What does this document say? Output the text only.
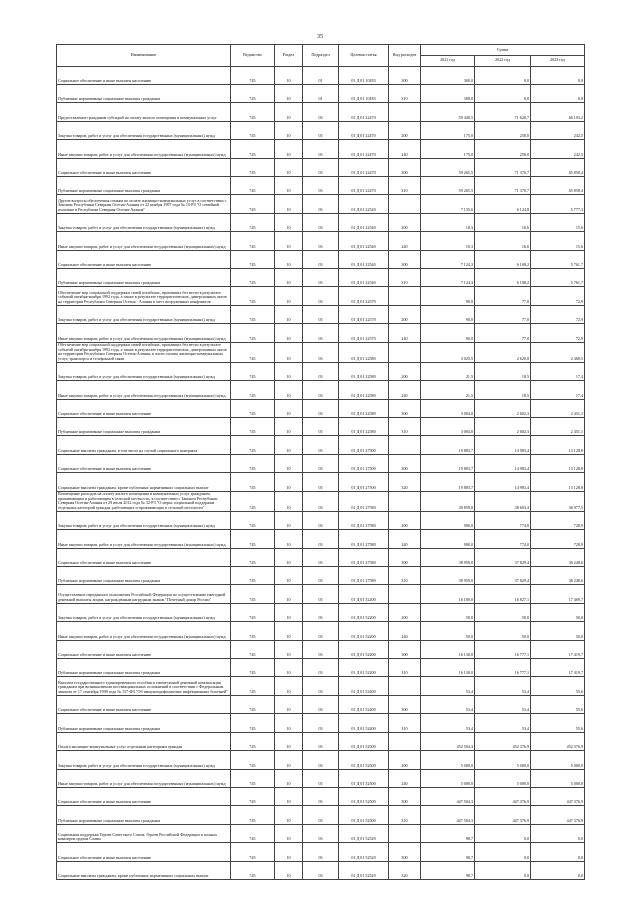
35
Наименование	Ведомство	Раздел	Подраздел	Целевая статья	Вид расходов	Сумма		
						2021 год	2022 год	2023 год
Социальное обеспечение и иные выплаты населению	745	10	01	01 Д 01 10183	300	300,0	0,0	0,0
Публичные нормативные социальные выплаты гражданам	745	10	01	01 Д 01 10183	310	300,0	0,0	0,0
Предоставление гражданам субсидий на оплату жилого помещения и коммунальных услуг	745	10	03	01 Д 01 22470		59 440,5	71 628,7	66 103,2
Закупка товаров, работ и услуг для обеспечения государственных (муниципальных) нужд	745	10	03	01 Д 01 22470	200	175,0	258,0	242,5
Иные закупки товаров, работ и услуг для обеспечения государственных (муниципальных) нужд	745	10	03	01 Д 01 22470	240	175,0	258,0	242,5
Социальное обеспечение и иные выплаты населению	745	10	03	01 Д 01 22470	300	59 265,5	71 370,7	65 858,4
Публичные нормативные социальные выплаты гражданам	745	10	03	01 Д 01 22470	310	59 265,5	71 370,7	65 858,4
Другие вопросы обеспечения семьям по оплате жилищно-коммунальных услуг в соответствии с Законом Республики Северная Осетия-Алания от 22 ноября 1997 года № 15-РЗ "О семейной политике в Республике Северная Осетия-Алания"	745	10	03	01 Д 01 22540		7 135,6	6 124,8	5 777,3
Закупка товаров, работ и услуг для обеспечения государственных (муниципальных) нужд	745	10	03	01 Д 01 22540	200	10,3	16,6	15,6
Иные закупки товаров, работ и услуг для обеспечения государственных (муниципальных) нужд	745	10	03	01 Д 01 22540	240	10,3	16,6	15,6
Социальное обеспечение и иные выплаты населению	745	10	03	01 Д 01 22540	300	7 124,3	6 108,2	5 761,7
Публичные нормативные социальные выплаты гражданам	745	10	03	01 Д 01 22540	310	7 124,3	6 108,2	5 761,7
Обеспечение мер социальной поддержки семей погибших, пропавших без вести в результате событий октября-ноября 1992 года, а также в результате террористических, диверсионных актов на территории Республики Северная Осетия - Алания и мест вооруженных конфликтов	745	10	03	01 Д 01 22570		90,0	77,0	72,9
Закупка товаров, работ и услуг для обеспечения государственных (муниципальных) нужд	745	10	03	01 Д 01 22570	200	90,0	77,0	72,9
Иные закупки товаров, работ и услуг для обеспечения государственных (муниципальных) нужд	745	10	03	01 Д 01 22570	240	90,0	77,0	72,9
Обеспечение мер социальной поддержки семей погибших, пропавших без вести в результате событий октября-ноября 1992 года, а также в результате террористических, диверсионных актов на территории Республики Северная Осетия-Алания, в части оплаты жилищно-коммунальных услуг, транспорта и телефонной связи	745	10	03	01 Д 01 22580		3 025,5	2 620,8	2 468,5
Закупка товаров, работ и услуг для обеспечения государственных (муниципальных) нужд	745	10	03	01 Д 01 22580	200	21,5	18,5	17,4
Иные закупки товаров, работ и услуг для обеспечения государственных (муниципальных) нужд	745	10	03	01 Д 01 22580	240	21,5	18,5	17,4
Социальное обеспечение и иные выплаты населению	745	10	03	01 Д 01 22580	300	3 004,0	2 602,3	2 451,1
Публичные нормативные социальные выплаты гражданам	745	10	03	01 Д 01 22580	310	3 004,0	2 602,3	2 451,1
Социальные выплаты гражданам, в том числе на случай социального контракта	745	10	03	01 Д 01 27500		19 883,7	14 983,4	13 128,8
Социальное обеспечение и иные выплаты населению	745	10	03	01 Д 01 27500	300	19 883,7	14 983,4	13 128,8
Социальные выплаты гражданам, кроме публичных нормативных социальных выплат	745	10	03	01 Д 01 27500	320	19 883,7	14 983,4	13 128,8
Возмещение расходов на оплату жилого помещения и коммунальных услуг гражданам, проживающим и работающим в сельской местности, в соответствии с Законом Республики Северная Осетия-Алания от 29 июля 2012 года № 32-РЗ "О мерах социальной поддержки отдельных категорий граждан, работающих и проживающих в сельской местности"	745	10	03	01 Д 01 27580		39 859,0	38 603,4	36 977,5
Закупка товаров, работ и услуг для обеспечения государственных (муниципальных) нужд	745	10	03	01 Д 01 27580	200	900,0	774,0	728,9
Иные закупки товаров, работ и услуг для обеспечения государственных (муниципальных) нужд	745	10	03	01 Д 01 27580	240	900,0	774,0	728,9
Социальное обеспечение и иные выплаты населению	745	10	03	01 Д 01 27580	300	38 959,0	37 829,4	36 248,6
Публичные нормативные социальные выплаты гражданам	745	10	03	01 Д 01 27580	310	38 959,0	37 829,4	36 248,6
Осуществление переданного полномочия Российской Федерации по осуществлению ежегодной денежной выплаты лицам, награжденным нагрудным знаком "Почетный донор России"	745	10	03	01 Д 01 52200		16 180,0	16 827,1	17 469,7
Закупка товаров, работ и услуг для обеспечения государственных (муниципальных) нужд	745	10	03	01 Д 01 52200	200	50,0	50,0	50,0
Иные закупки товаров, работ и услуг для обеспечения государственных (муниципальных) нужд	745	10	03	01 Д 01 52200	240	50,0	50,0	50,0
Социальное обеспечение и иные выплаты населению	745	10	03	01 Д 01 52200	300	16 130,0	16 777,1	17 419,7
Публичные нормативные социальные выплаты гражданам	745	10	03	01 Д 01 52200	310	16 130,0	16 777,1	17 419,7
Выплата государственного единовременного пособия и ежемесячной денежной компенсации гражданам при возникновении поствакцинальных осложнений в соответствии с Федеральным законом от 17 сентября 1998 года № 157-ФЗ "Об иммунопрофилактике инфекционных болезней"	745	10	03	01 Д 01 52400		53,4	53,4	55,6
Социальное обеспечение и иные выплаты населению	745	10	03	01 Д 01 52400	300	53,4	53,4	55,6
Публичные нормативные социальные выплаты гражданам	745	10	03	01 Д 01 52400	310	53,4	53,4	55,6
Оплата жилищно-коммунальных услуг отдельным категориям граждан	745	10	03	01 Д 01 52500		452 504,3	452 376,9	452 376,9
Закупка товаров, работ и услуг для обеспечения государственных (муниципальных) нужд	745	10	03	01 Д 01 52500	200	5 000,0	5 000,0	5 000,0
Иные закупки товаров, работ и услуг для обеспечения государственных (муниципальных) нужд	745	10	03	01 Д 01 52500	240	5 000,0	5 000,0	5 000,0
Социальное обеспечение и иные выплаты населению	745	10	03	01 Д 01 52500	300	447 504,3	447 376,9	447 376,9
Публичные нормативные социальные выплаты гражданам	745	10	03	01 Д 01 52500	310	447 504,3	447 376,9	447 376,9
Социальная поддержка Героев Советского Союза, Героев Российской Федерации и полных кавалеров ордена Славы	745	10	03	01 Д 01 52520		98,7	0,0	0,0
Социальное обеспечение и иные выплаты населению	745	10	03	01 Д 01 52520	300	98,7	0,0	0,0
Социальные выплаты гражданам, кроме публичных нормативных социальных выплат	745	10	03	01 Д 01 52520	320	98,7	0,0	0,0
